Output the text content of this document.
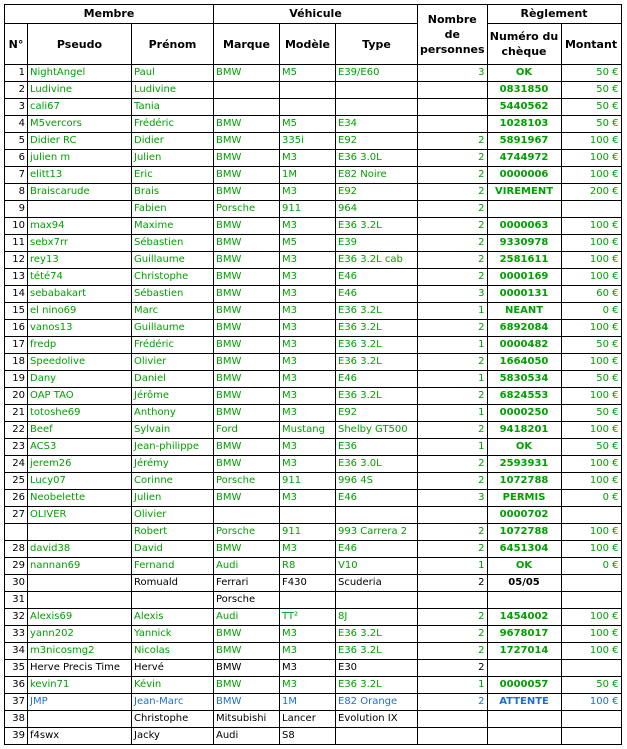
Membre			Véhicule			Nombre de personnes	Règlement	
N°	Pseudo	Prénom	Marque	Modèle	Type		Numéro du chèque	Montant
1	NightAngel	Paul	BMW	M5	E39/E60	3	OK	50 €
2	Ludivine	Ludivine					0831850	50 €
3	cali67	Tania					5440562	50 €
4	M5vercors	Frédéric	BMW	M5	E34		1028103	50 €
5	Didier RC	Didier	BMW	335i	E92	2	5891967	100 €
6	julien m	Julien	BMW	M3	E36 3.0L	2	4744972	100 €
7	elitt13	Eric	BMW	1M	E82 Noire	2	0000006	100 €
8	Braiscarude	Brais	BMW	M3	E92	2	VIREMENT	200 €
9		Fabien	Porsche	911	964	2		
10	max94	Maxime	BMW	M3	E36 3.2L	2	0000063	100 €
11	sebx7rr	Sébastien	BMW	M5	E39	2	9330978	100 €
12	rey13	Guillaume	BMW	M3	E36 3.2L cab	2	2581611	100 €
13	tété74	Christophe	BMW	M3	E46	2	0000169	100 €
14	sebabakart	Sébastien	BMW	M3	E46	3	0000131	60 €
15	el nino69	Marc	BMW	M3	E36 3.2L	1	NEANT	0 €
16	vanos13	Guillaume	BMW	M3	E36 3.2L	2	6892084	100 €
17	fredp	Frédéric	BMW	M3	E36 3.2L	1	0000482	50 €
18	Speedolive	Olivier	BMW	M3	E36 3.2L	2	1664050	100 €
19	Dany	Daniel	BMW	M3	E46	1	5830534	50 €
20	OAP TAO	Jérôme	BMW	M3	E36 3.2L	2	6824553	100 €
21	totoshe69	Anthony	BMW	M3	E92	1	0000250	50 €
22	Beef	Sylvain	Ford	Mustang	Shelby GT500	2	9418201	100 €
23	ACS3	Jean-philippe	BMW	M3	E36	1	OK	50 €
24	jerem26	Jérémy	BMW	M3	E36 3.0L	2	2593931	100 €
25	Lucy07	Corinne	Porsche	911	996 4S	2	1072788	100 €
26	Neobelette	Julien	BMW	M3	E46	3	PERMIS	0 €
27	OLIVER	Olivier					0000702	
		Robert	Porsche	911	993 Carrera 2	2	1072788	100 €
28	david38	David	BMW	M3	E46	2	6451304	100 €
29	nannan69	Fernand	Audi	R8	V10	1	OK	0 €
30		Romuald	Ferrari	F430	Scuderia	2	05/05	
31			Porsche					
32	Alexis69	Alexis	Audi	TT²	8J	2	1454002	100 €
33	yann202	Yannick	BMW	M3	E36 3.2L	2	9678017	100 €
34	m3nicosmg2	Nicolas	BMW	M3	E36 3.2L	2	1727014	100 €
35	Herve Precis Time	Hervé	BMW	M3	E30	2		
36	kevin71	Kévin	BMW	M3	E36 3.2L	1	0000057	50 €
37	JMP	Jean-Marc	BMW	1M	E82 Orange	2	ATTENTE	100 €
38		Christophe	Mitsubishi	Lancer	Evolution IX			
39	f4swx	Jacky	Audi	S8				
